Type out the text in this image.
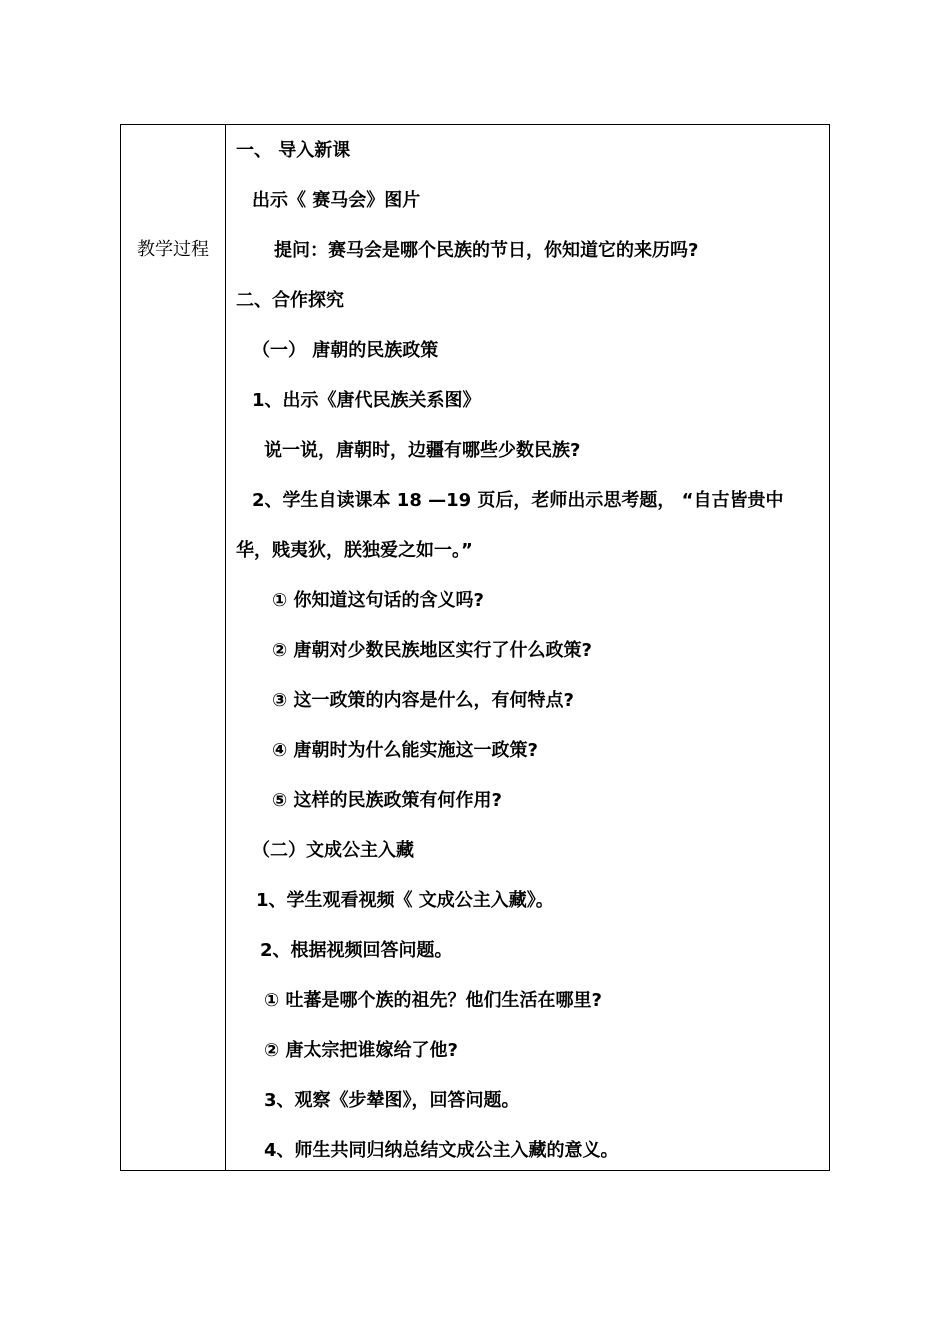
教学过程
一、 导入新课
出示《 赛马会》图片
提问：赛马会是哪个民族的节日，你知道它的来历吗?
二、合作探究
（一） 唐朝的民族政策
1、出示《唐代民族关系图》
说一说，唐朝时，边疆有哪些少数民族?
2、学生自读课本 18 —19 页后，老师出示思考题， “自古皆贵中
华，贱夷狄，朕独爱之如一。”
① 你知道这句话的含义吗?
② 唐朝对少数民族地区实行了什么政策?
③ 这一政策的内容是什么，有何特点?
④ 唐朝时为什么能实施这一政策?
⑤ 这样的民族政策有何作用?
（二）文成公主入藏
1、学生观看视频《 文成公主入藏》。
2、根据视频回答问题。
① 吐蕃是哪个族的祖先？他们生活在哪里?
② 唐太宗把谁嫁给了他?
3、观察《步辇图》，回答问题。
4、师生共同归纳总结文成公主入藏的意义。
